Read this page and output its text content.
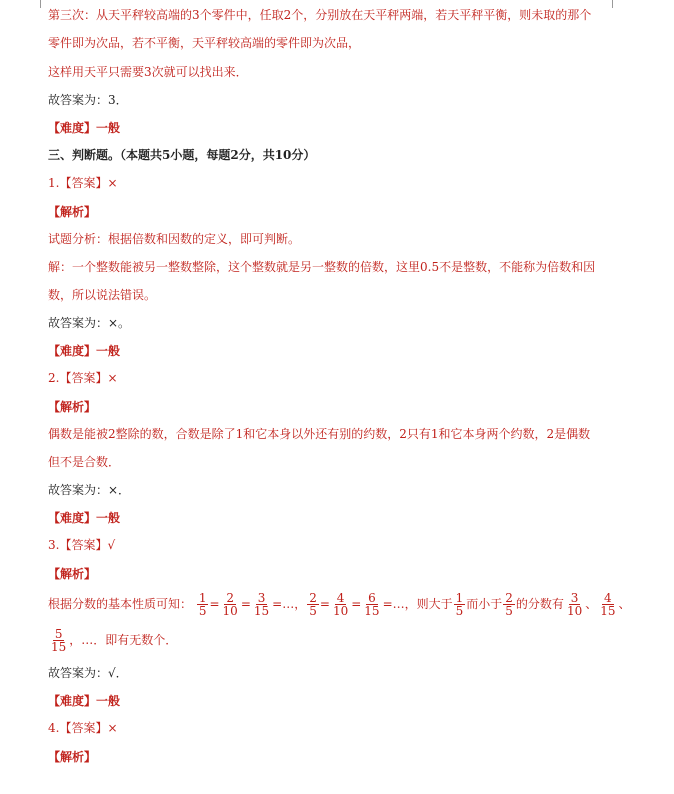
第三次：从天平秤较高端的3个零件中，任取2个，分别放在天平秤两端，若天平秤平衡，则未取的那个
零件即为次品，若不平衡，天平秤较高端的零件即为次品，
这样用天平只需要3次就可以找出来．
故答案为：3．
【难度】一般
三、判断题。（本题共5小题，每题2分，共10分）
1.【答案】×
【解析】
试题分析：根据倍数和因数的定义，即可判断。
解：一个整数能被另一整数整除，这个整数就是另一整数的倍数，这里0.5不是整数，不能称为倍数和因
数，所以说法错误。
故答案为：×。
【难度】一般
2.【答案】×
【解析】
偶数是能被2整除的数，合数是除了1和它本身以外还有别的约数，2只有1和它本身两个约数，2是偶数
但不是合数．
故答案为：×．
【难度】一般
3.【答案】√
【解析】
根据分数的基本性质可知： $\frac{1}{5} = \frac{2}{10} = \frac{3}{15}$ =…， $\frac{2}{5} = \frac{4}{10} = \frac{6}{15}$ =…，则大于 $\frac{1}{5}$ 而小于 $\frac{2}{5}$ 的分数有 $\frac{3}{10}$ 、 $\frac{4}{15}$ 、
$\frac{5}{15}$ ，…．即有无数个．
故答案为：√．
【难度】一般
4.【答案】×
【解析】
